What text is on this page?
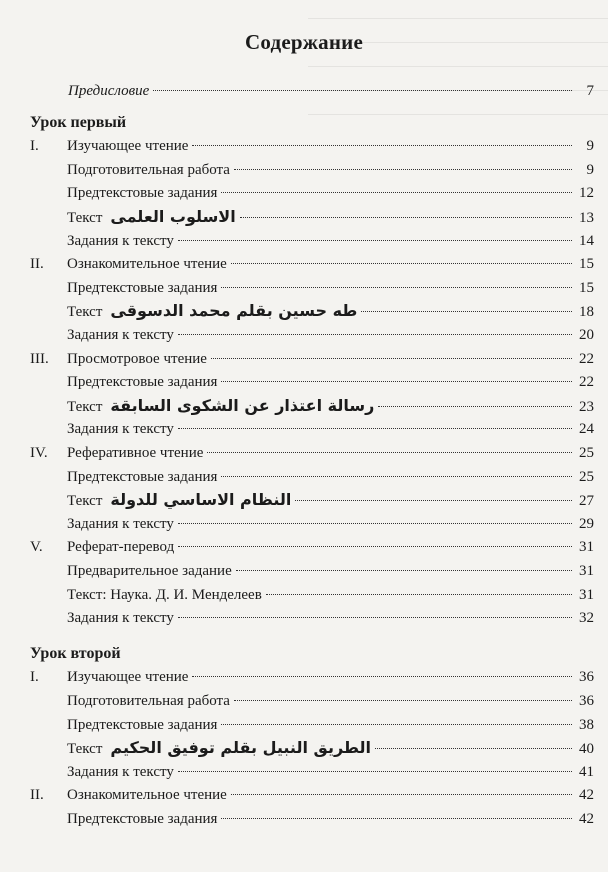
Содержание
Предисловие	7
Урок первый
I. Изучающее чтение	9
Подготовительная работа	9
Предтекстовые задания	12
Текст الاسلوب العلمى	13
Задания к тексту	14
II. Ознакомительное чтение	15
Предтекстовые задания	15
Текст طه حسين بقلم محمد الدسوقى	18
Задания к тексту	20
III. Просмотровое чтение	22
Предтекстовые задания	22
Текст رسالة اعتذار عن الشكوى السابقة	23
Задания к тексту	24
IV. Реферативное чтение	25
Предтекстовые задания	25
Текст النظام الاساسي للدولة	27
Задания к тексту	29
V. Реферат-перевод	31
Предварительное задание	31
Текст: Наука. Д. И. Менделеев	31
Задания к тексту	32
Урок второй
I. Изучающее чтение	36
Подготовительная работа	36
Предтекстовые задания	38
Текст الطريق النبيل بقلم توفيق الحكيم	40
Задания к тексту	41
II. Ознакомительное чтение	42
Предтекстовые задания	42
